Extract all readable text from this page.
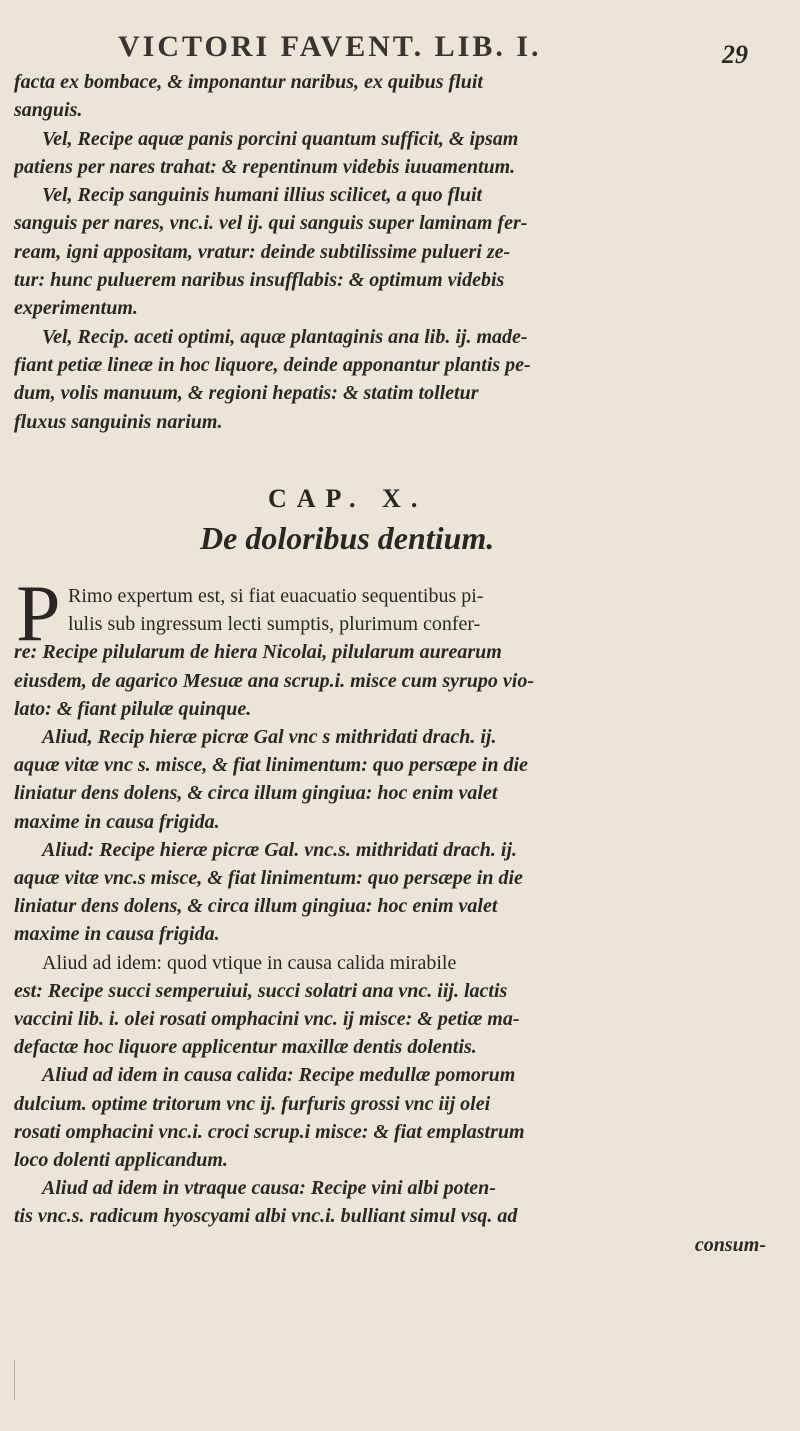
VICTORI FAVENT. LIB. I.	29
facta ex bombace, & imponantur naribus, ex quibus fluit
sanguis.
Vel, Recipe aquæ panis porcini quantum sufficit, & ipsam
patiens per nares trahat: & repentinum videbis iuuamentum.
Vel, Recip sanguinis humani illius scilicet, a quo fluit
sanguis per nares, vnc.i. vel ij. qui sanguis super laminam fer-
ream, igni appositam, vratur: deinde subtilissime pulueri ze-
tur: hunc puluerem naribus insufflabis: & optimum videbis
experimentum.
Vel, Recip. aceti optimi, aquæ plantaginis ana lib. ij. made-
fiant petiæ lineæ in hoc liquore, deinde apponantur plantis pe-
dum, volis manuum, & regioni hepatis: & statim tolletur
fluxus sanguinis narium.
CAP. X.
De doloribus dentium.
P Rimo expertum est, si fiat euacuatio sequentibus pi-
lulis sub ingressum lecti sumptis, plurimum confer-
re: Recipe pilularum de hiera Nicolai, pilularum aurearum
eiusdem, de agarico Mesuæ ana scrup.i. misce cum syrupo vio-
lato: & fiant pilulæ quinque.
Aliud, Recip hieræ picræ Gal vnc s mithridati drach. ij.
aquæ vitæ vnc s. misce, & fiat linimentum: quo persæpe in die
liniatur dens dolens, & circa illum gingiua: hoc enim valet
maxime in causa frigida.
Aliud: Recipe hieræ picræ Gal. vnc.s. mithridati drach. ij.
aquæ vitæ vnc.s misce, & fiat linimentum: quo persæpe in die
liniatur dens dolens, & circa illum gingiua: hoc enim valet
maxime in causa frigida.
Aliud ad idem: quod vtique in causa calida mirabile
est: Recipe succi semperuiui, succi solatri ana vnc. iij. lactis
vaccini lib. i. olei rosati omphacini vnc. ij misce: & petiæ ma-
defactæ hoc liquore applicentur maxillæ dentis dolentis.
Aliud ad idem in causa calida: Recipe medullæ pomorum
dulcium. optime tritorum vnc ij. furfuris grossi vnc iij olei
rosati omphacini vnc.i. croci scrup.i misce: & fiat emplastrum
loco dolenti applicandum.
Aliud ad idem in vtraque causa: Recipe vini albi poten-
tis vnc.s. radicum hyoscyami albi vnc.i. bulliant simul vsq. ad
consum-
